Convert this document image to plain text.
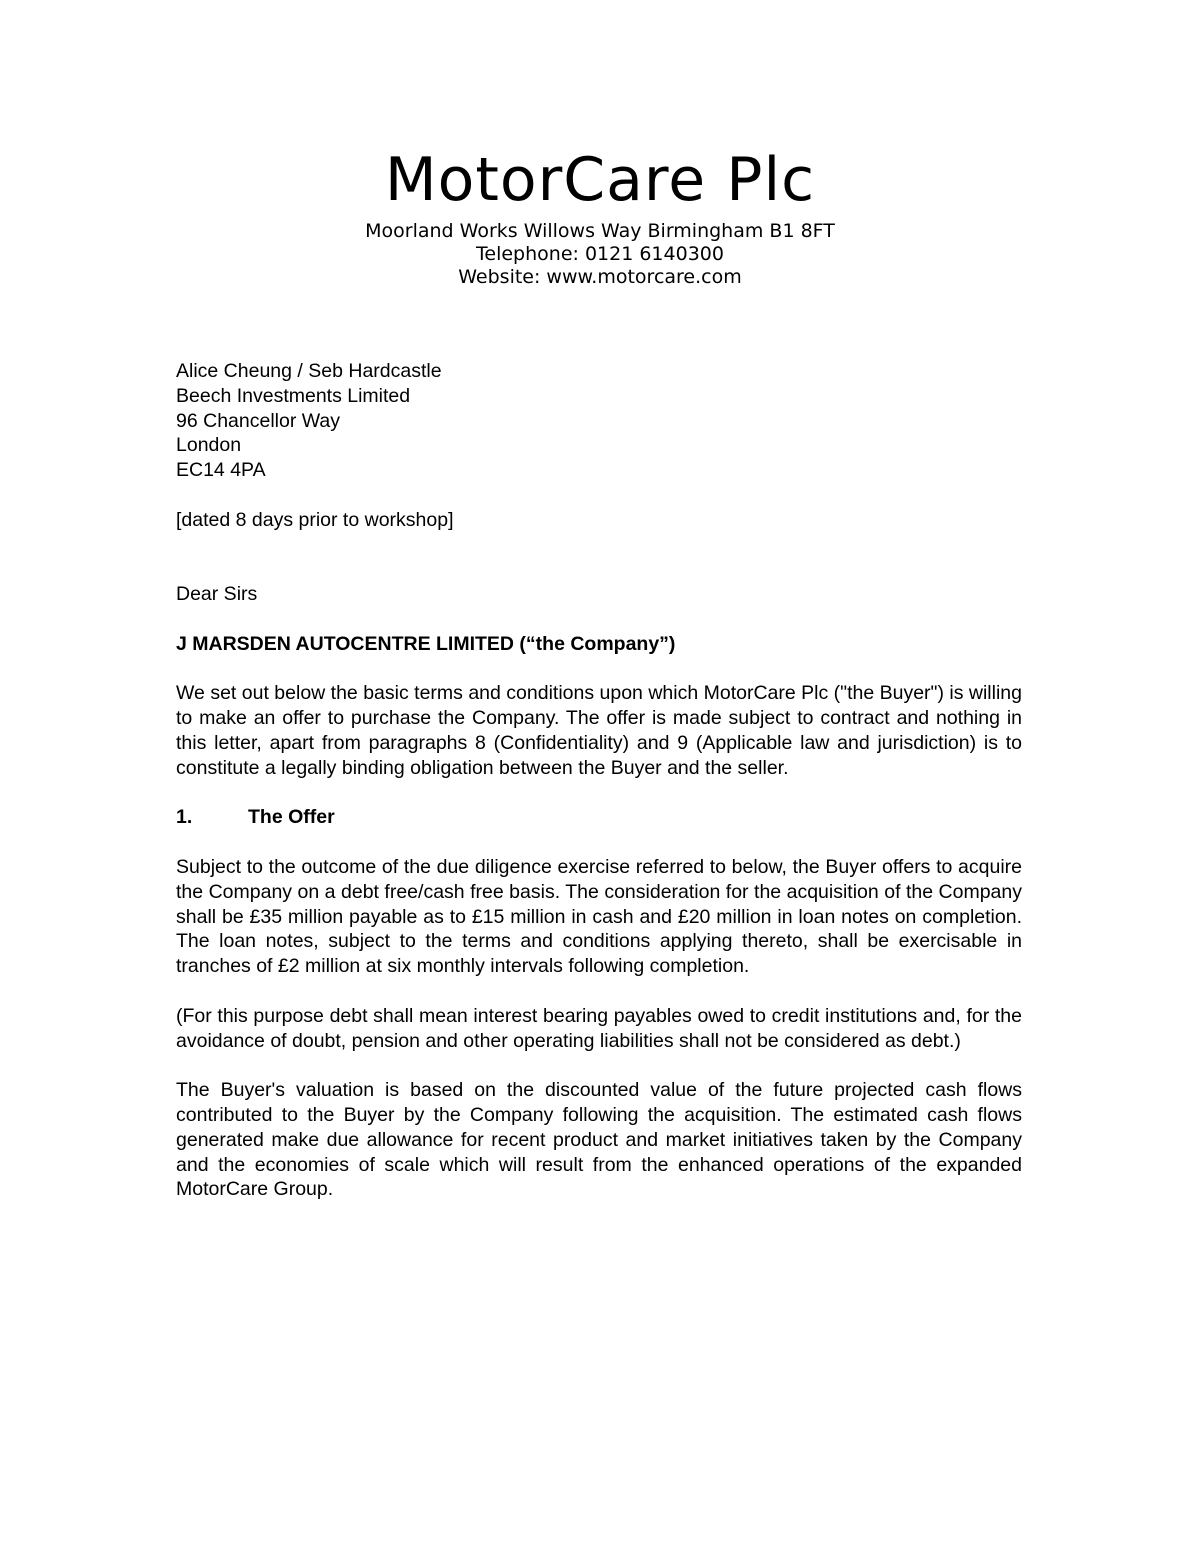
MotorCare Plc
Moorland Works Willows Way Birmingham B1 8FT
Telephone: 0121 6140300
Website: www.motorcare.com
Alice Cheung / Seb Hardcastle
Beech Investments Limited
96 Chancellor Way
London
EC14 4PA
[dated 8 days prior to workshop]
Dear Sirs
J MARSDEN AUTOCENTRE LIMITED (“the Company”)

We set out below the basic terms and conditions upon which MotorCare Plc ("the Buyer") is willing to make an offer to purchase the Company. The offer is made subject to contract and nothing in this letter, apart from paragraphs 8 (Confidentiality) and 9 (Applicable law and jurisdiction) is to constitute a legally binding obligation between the Buyer and the seller.

1.	The Offer

Subject to the outcome of the due diligence exercise referred to below, the Buyer offers to acquire the Company on a debt free/cash free basis. The consideration for the acquisition of the Company shall be £35 million payable as to £15 million in cash and £20 million in loan notes on completion. The loan notes, subject to the terms and conditions applying thereto, shall be exercisable in tranches of £2 million at six monthly intervals following completion.

(For this purpose debt shall mean interest bearing payables owed to credit institutions and, for the avoidance of doubt, pension and other operating liabilities shall not be considered as debt.)

The Buyer's valuation is based on the discounted value of the future projected cash flows contributed to the Buyer by the Company following the acquisition. The estimated cash flows generated make due allowance for recent product and market initiatives taken by the Company and the economies of scale which will result from the enhanced operations of the expanded MotorCare Group.
